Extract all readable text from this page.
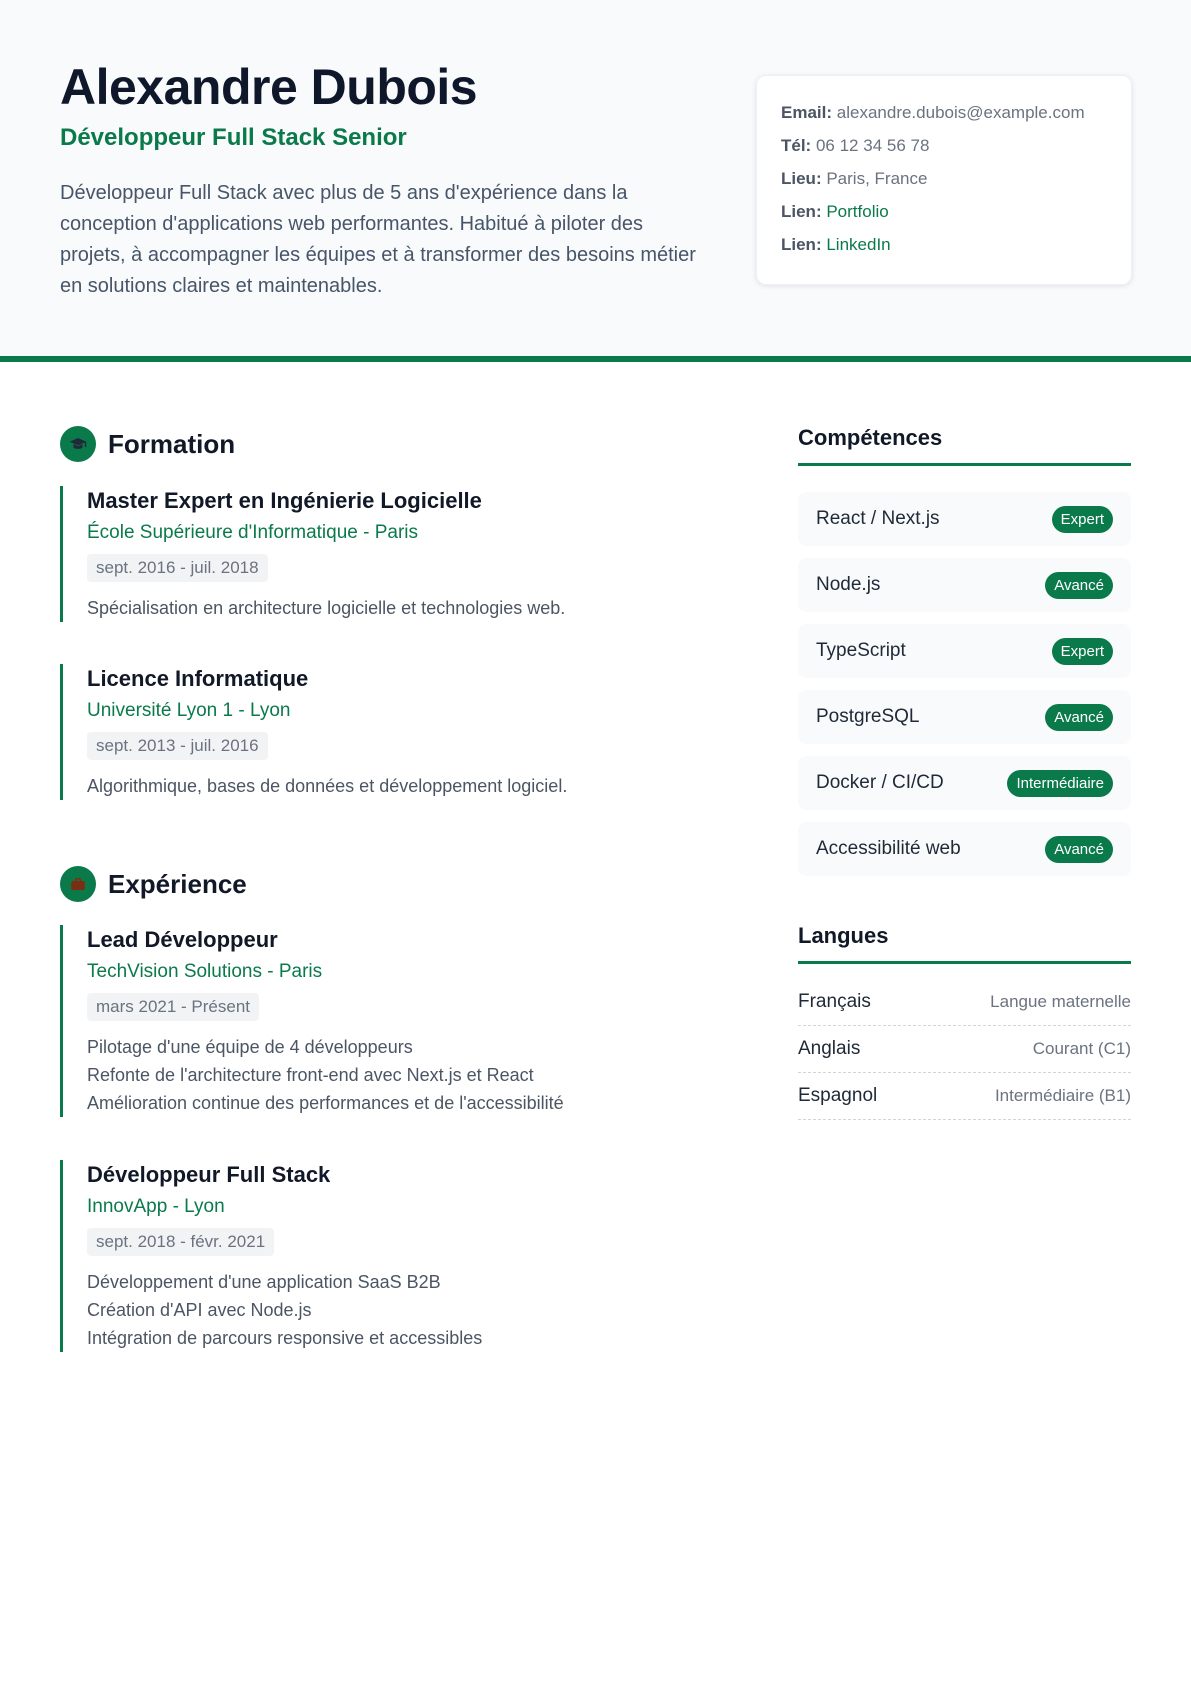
Alexandre Dubois
Développeur Full Stack Senior
Développeur Full Stack avec plus de 5 ans d'expérience dans la conception d'applications web performantes. Habitué à piloter des projets, à accompagner les équipes et à transformer des besoins métier en solutions claires et maintenables.
Email: alexandre.dubois@example.com
Tél: 06 12 34 56 78
Lieu: Paris, France
Lien: Portfolio
Lien: LinkedIn
Formation
Master Expert en Ingénierie Logicielle
École Supérieure d'Informatique - Paris
sept. 2016 - juil. 2018
Spécialisation en architecture logicielle et technologies web.
Licence Informatique
Université Lyon 1 - Lyon
sept. 2013 - juil. 2016
Algorithmique, bases de données et développement logiciel.
Expérience
Lead Développeur
TechVision Solutions - Paris
mars 2021 - Présent
Pilotage d'une équipe de 4 développeurs
Refonte de l'architecture front-end avec Next.js et React
Amélioration continue des performances et de l'accessibilité
Développeur Full Stack
InnovApp - Lyon
sept. 2018 - févr. 2021
Développement d'une application SaaS B2B
Création d'API avec Node.js
Intégration de parcours responsive et accessibles
Compétences
React / Next.js	Expert
Node.js	Avancé
TypeScript	Expert
PostgreSQL	Avancé
Docker / CI/CD	Intermédiaire
Accessibilité web	Avancé
Langues
Français	Langue maternelle
Anglais	Courant (C1)
Espagnol	Intermédiaire (B1)
